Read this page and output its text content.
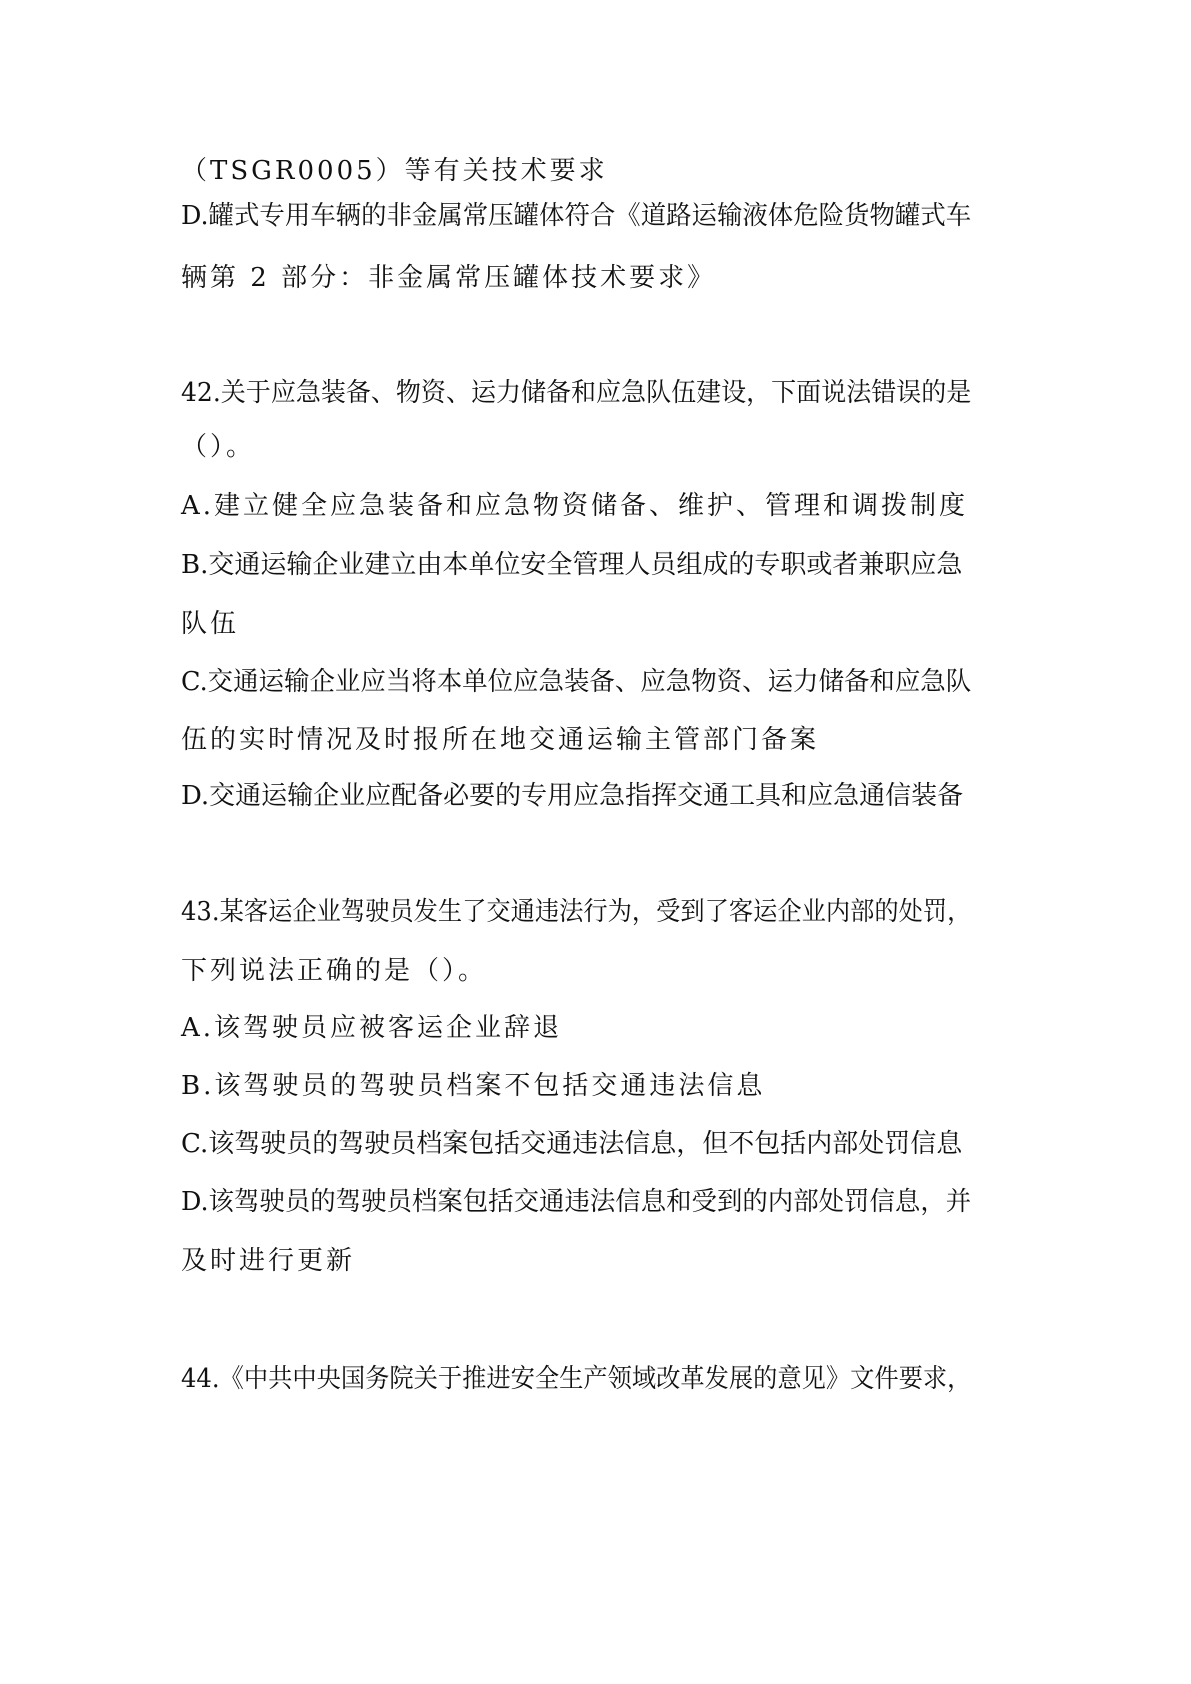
（TSGR0005）等有关技术要求
D.罐式专用车辆的非金属常压罐体符合《道路运输液体危险货物罐式车
辆第 2 部分：非金属常压罐体技术要求》
42.关于应急装备、物资、运力储备和应急队伍建设，下面说法错误的是
（）。
A.建立健全应急装备和应急物资储备、维护、管理和调拨制度
B.交通运输企业建立由本单位安全管理人员组成的专职或者兼职应急
队伍
C.交通运输企业应当将本单位应急装备、应急物资、运力储备和应急队
伍的实时情况及时报所在地交通运输主管部门备案
D.交通运输企业应配备必要的专用应急指挥交通工具和应急通信装备
43.某客运企业驾驶员发生了交通违法行为，受到了客运企业内部的处罚，
下列说法正确的是（）。
A.该驾驶员应被客运企业辞退
B.该驾驶员的驾驶员档案不包括交通违法信息
C.该驾驶员的驾驶员档案包括交通违法信息，但不包括内部处罚信息
D.该驾驶员的驾驶员档案包括交通违法信息和受到的内部处罚信息，并
及时进行更新
44.《中共中央国务院关于推进安全生产领域改革发展的意见》文件要求，
